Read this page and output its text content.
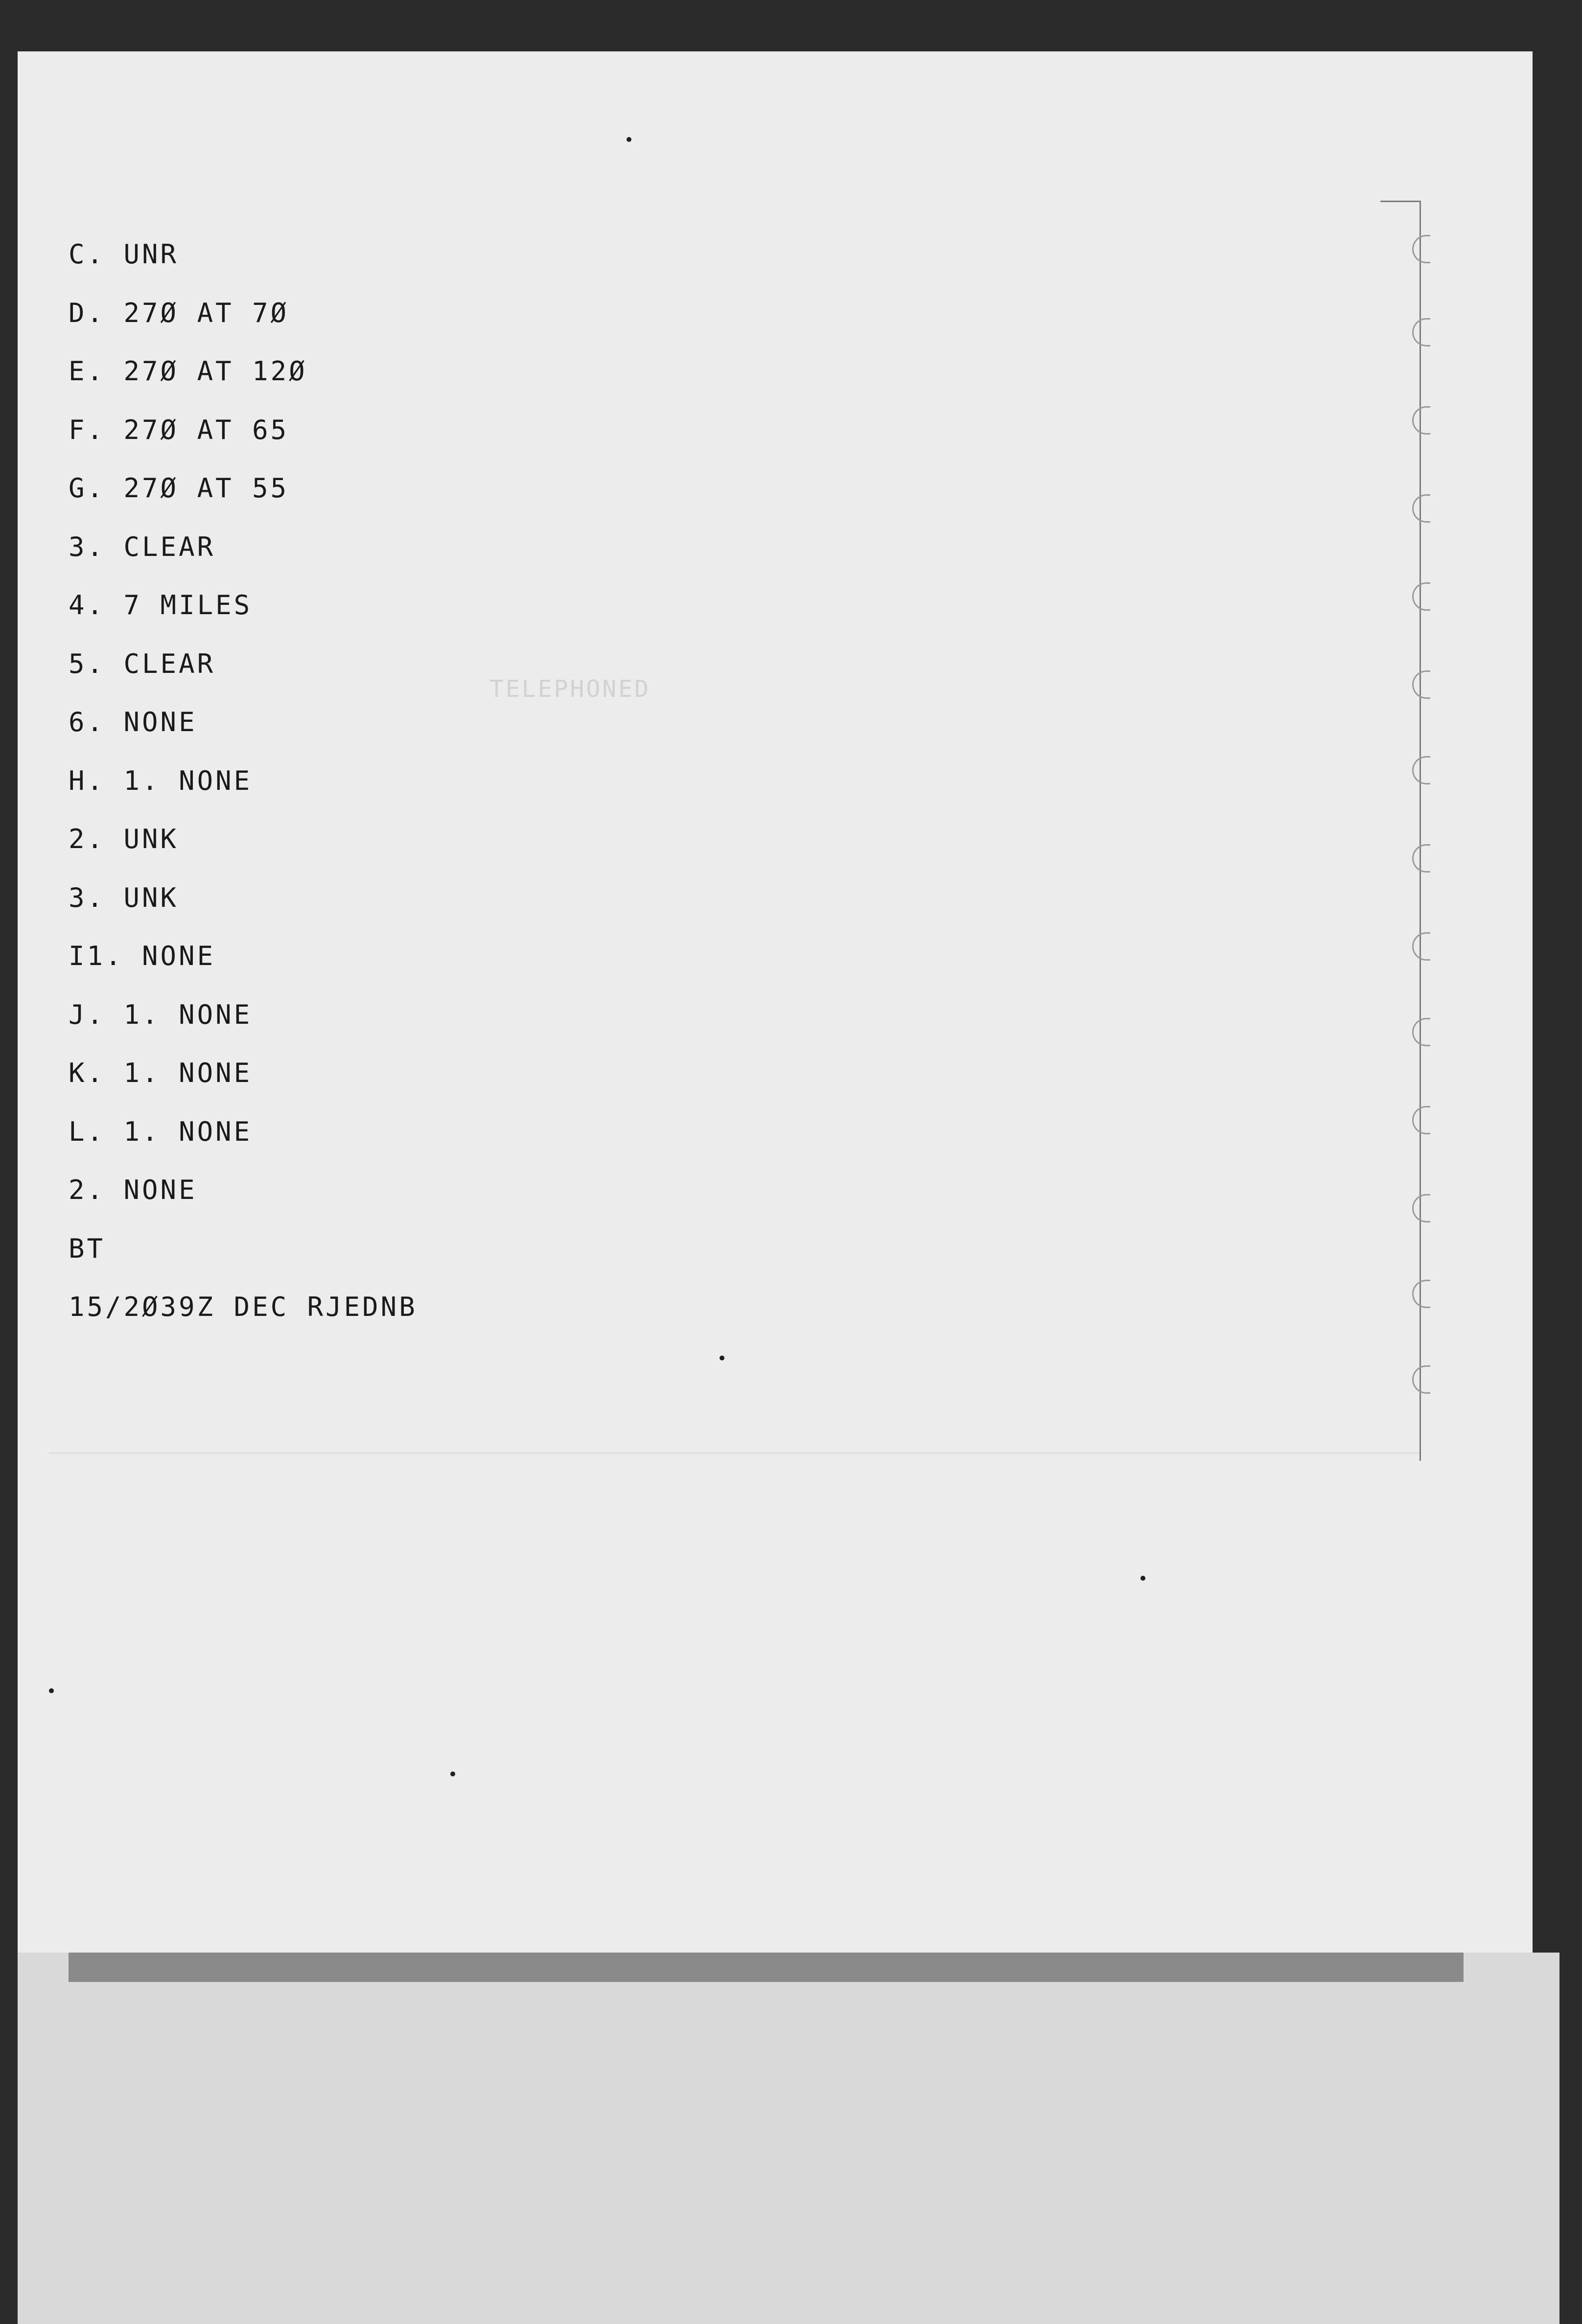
TELEPHONED
C. UNR
D. 27Ø AT 7Ø
E. 27Ø AT 12Ø
F. 27Ø AT 65
G. 27Ø AT 55
3. CLEAR
4. 7 MILES
5. CLEAR
6. NONE
H. 1. NONE
2. UNK
3. UNK
I1. NONE
J. 1. NONE
K. 1. NONE
L. 1. NONE
2. NONE
BT
15/2Ø39Z DEC RJEDNB
